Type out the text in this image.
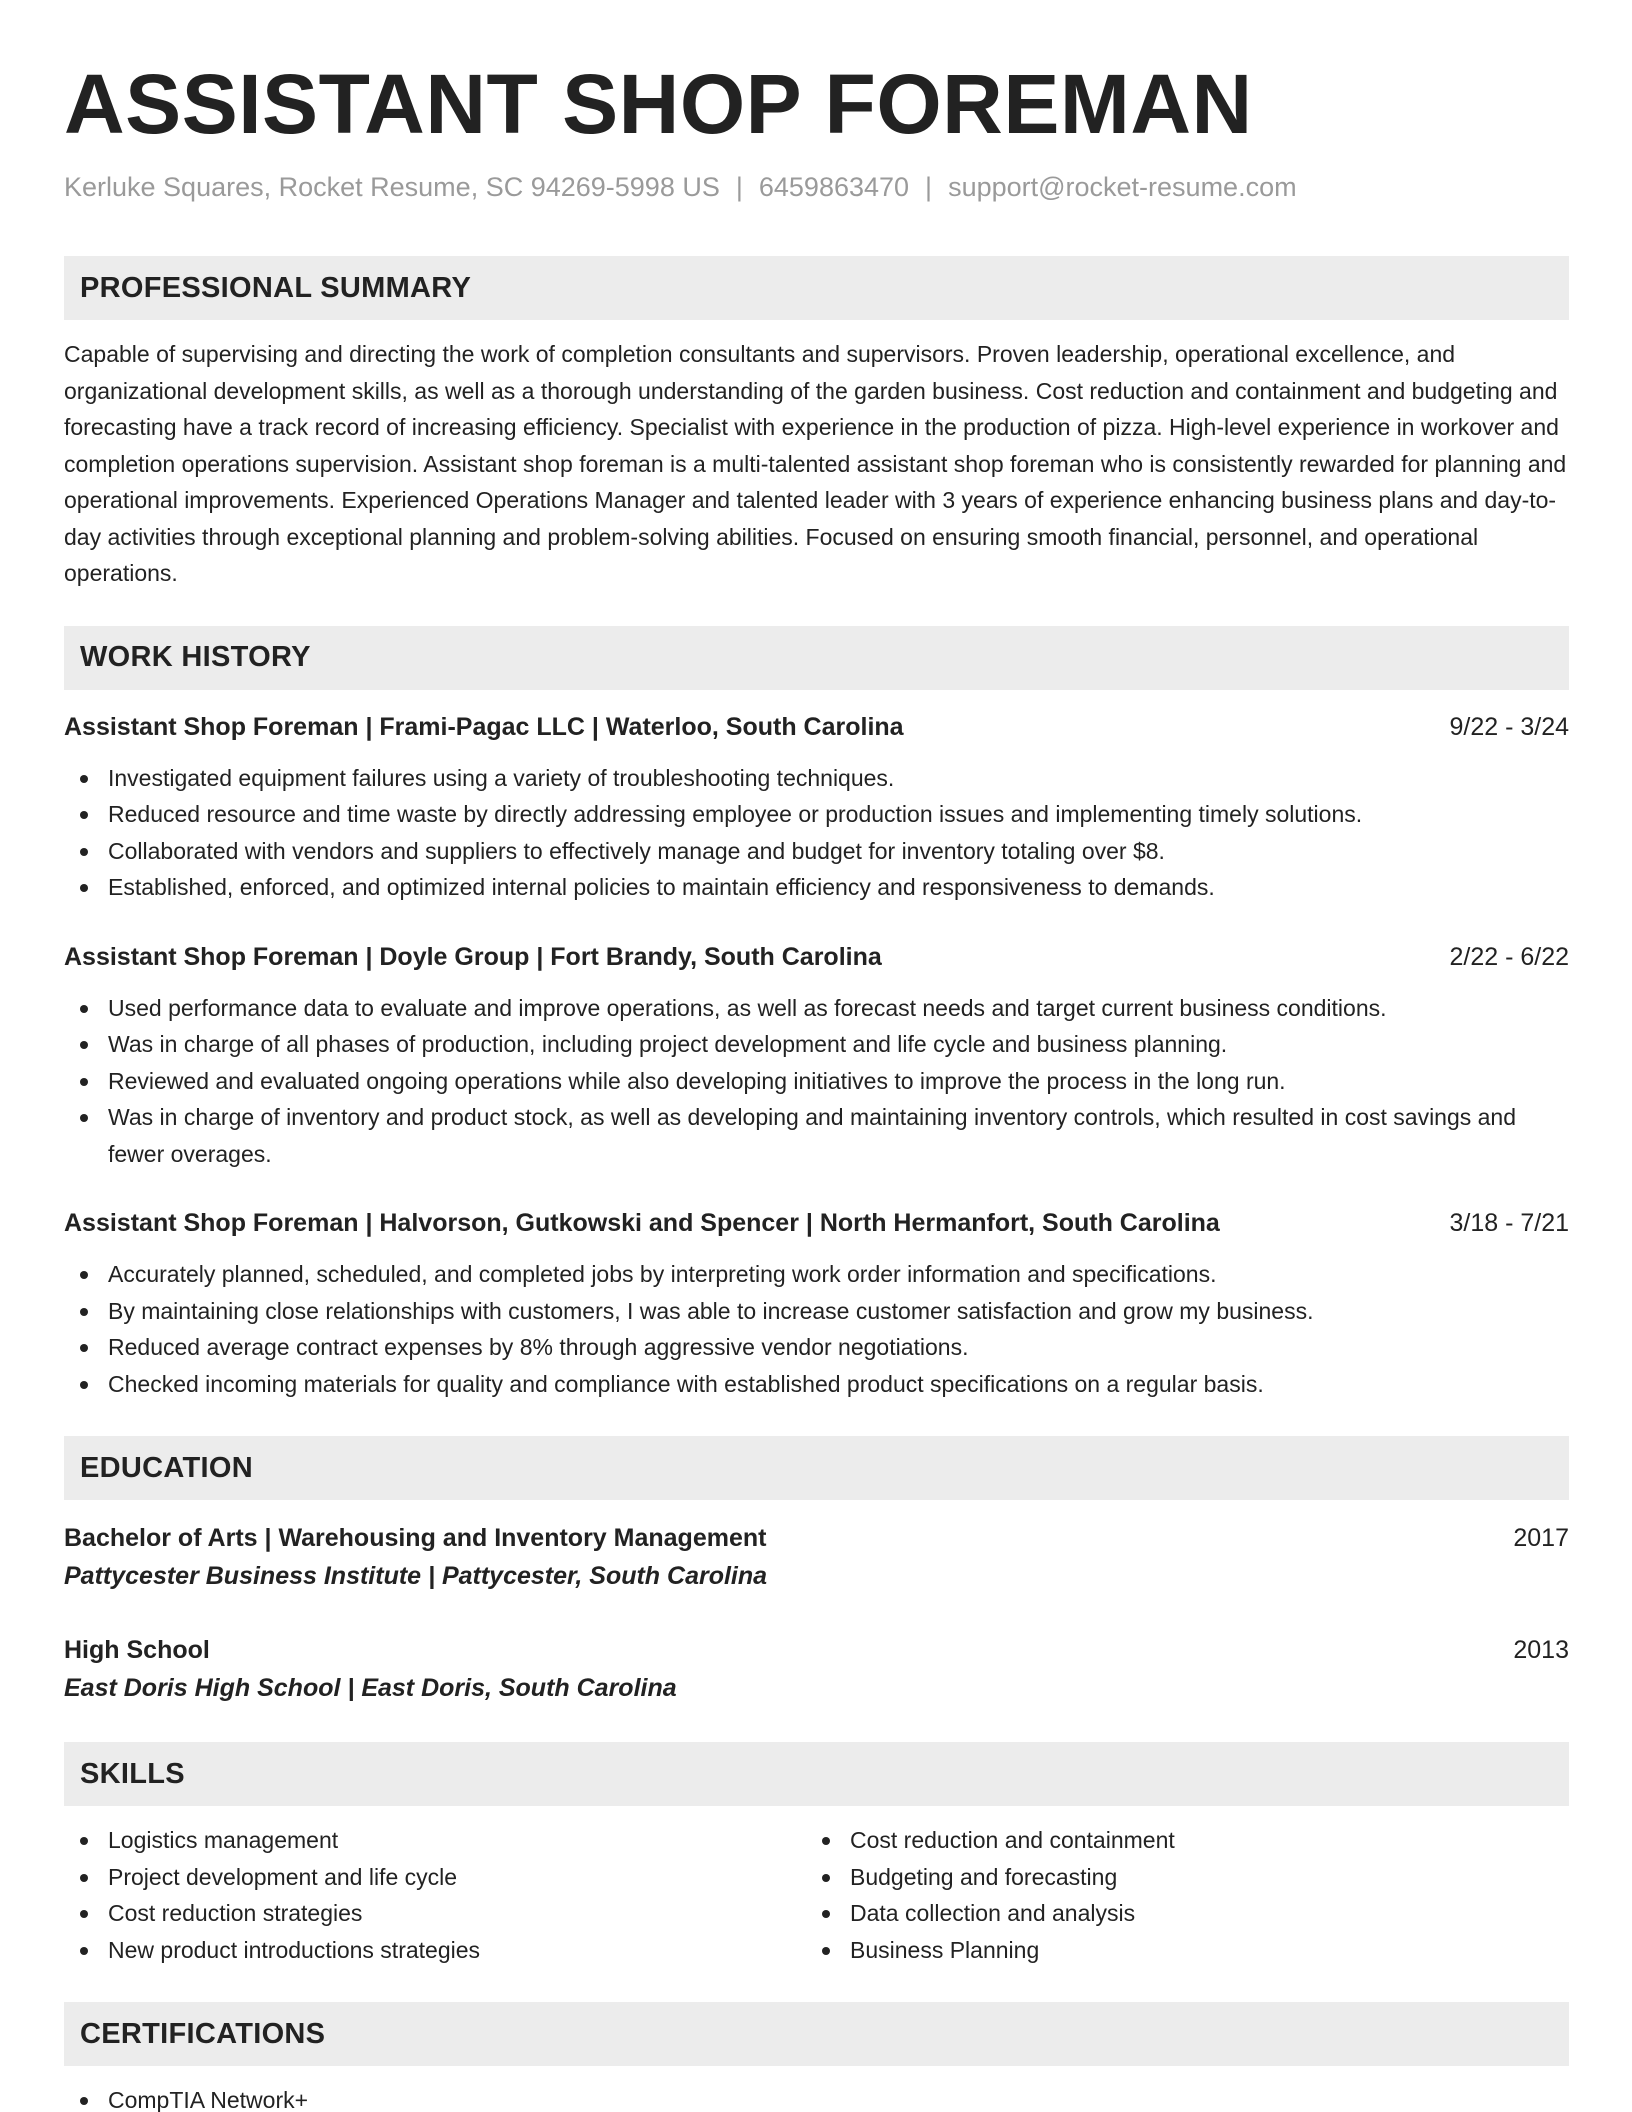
ASSISTANT SHOP FOREMAN
Kerluke Squares, Rocket Resume, SC 94269-5998 US | 6459863470 | support@rocket-resume.com
PROFESSIONAL SUMMARY

Capable of supervising and directing the work of completion consultants and supervisors. Proven leadership, operational excellence, and organizational development skills, as well as a thorough understanding of the garden business. Cost reduction and containment and budgeting and forecasting have a track record of increasing efficiency. Specialist with experience in the production of pizza. High-level experience in workover and completion operations supervision. Assistant shop foreman is a multi-talented assistant shop foreman who is consistently rewarded for planning and operational improvements. Experienced Operations Manager and talented leader with 3 years of experience enhancing business plans and day-to-day activities through exceptional planning and problem-solving abilities. Focused on ensuring smooth financial, personnel, and operational operations.

WORK HISTORY
Assistant Shop Foreman | Frami-Pagac LLC | Waterloo, South Carolina	9/22 - 3/24
Investigated equipment failures using a variety of troubleshooting techniques.
Reduced resource and time waste by directly addressing employee or production issues and implementing timely solutions.
Collaborated with vendors and suppliers to effectively manage and budget for inventory totaling over $8.
Established, enforced, and optimized internal policies to maintain efficiency and responsiveness to demands.
Assistant Shop Foreman | Doyle Group | Fort Brandy, South Carolina	2/22 - 6/22
Used performance data to evaluate and improve operations, as well as forecast needs and target current business conditions.
Was in charge of all phases of production, including project development and life cycle and business planning.
Reviewed and evaluated ongoing operations while also developing initiatives to improve the process in the long run.
Was in charge of inventory and product stock, as well as developing and maintaining inventory controls, which resulted in cost savings and fewer overages.
Assistant Shop Foreman | Halvorson, Gutkowski and Spencer | North Hermanfort, South Carolina	3/18 - 7/21
Accurately planned, scheduled, and completed jobs by interpreting work order information and specifications.
By maintaining close relationships with customers, I was able to increase customer satisfaction and grow my business.
Reduced average contract expenses by 8% through aggressive vendor negotiations.
Checked incoming materials for quality and compliance with established product specifications on a regular basis.
EDUCATION
Bachelor of Arts | Warehousing and Inventory Management	2017
Pattycester Business Institute | Pattycester, South Carolina
High School	2013
East Doris High School | East Doris, South Carolina
SKILLS
Logistics management
Project development and life cycle
Cost reduction strategies
New product introductions strategies
Cost reduction and containment
Budgeting and forecasting
Data collection and analysis
Business Planning
CERTIFICATIONS
CompTIA Network+
